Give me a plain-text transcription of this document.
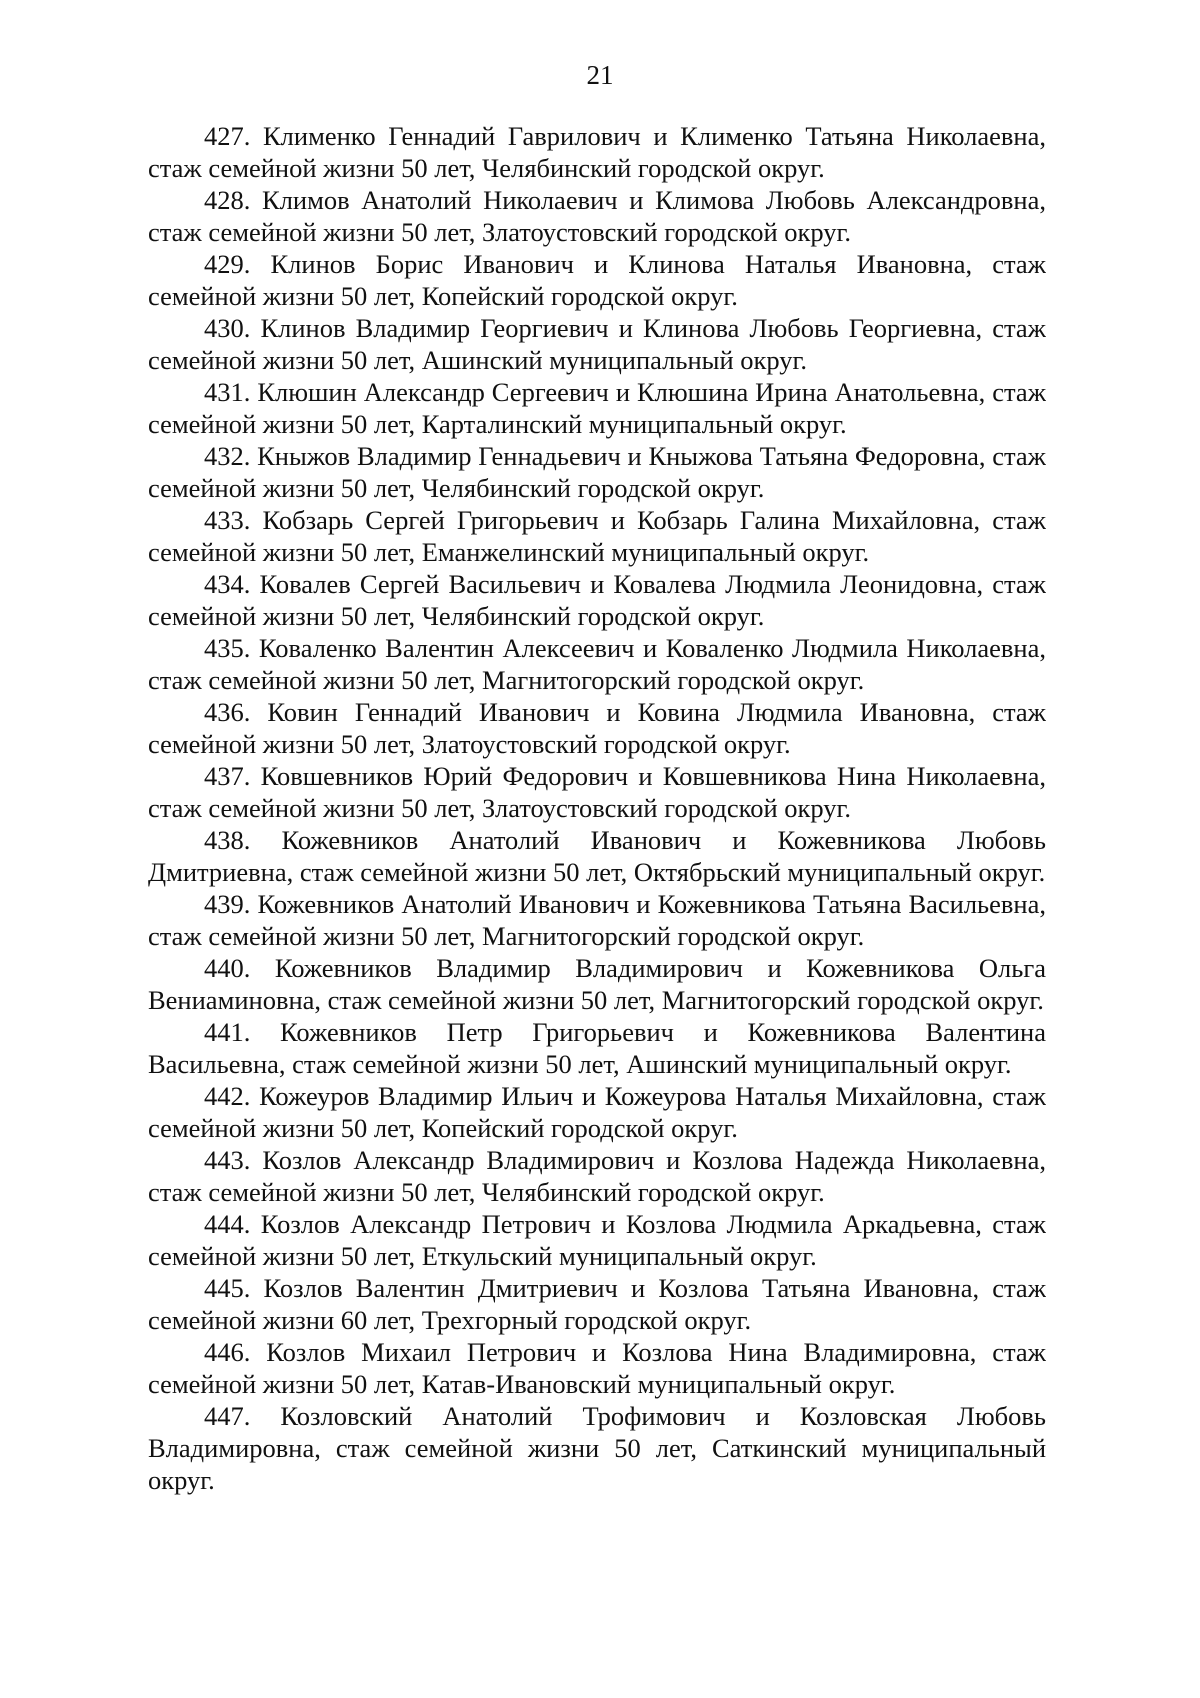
21

427. Клименко Геннадий Гаврилович и Клименко Татьяна Николаевна, стаж семейной жизни 50 лет, Челябинский городской округ.

428. Климов Анатолий Николаевич и Климова Любовь Александровна, стаж семейной жизни 50 лет, Златоустовский городской округ.

429. Клинов Борис Иванович и Клинова Наталья Ивановна, стаж семейной жизни 50 лет, Копейский городской округ.

430. Клинов Владимир Георгиевич и Клинова Любовь Георгиевна, стаж семейной жизни 50 лет, Ашинский муниципальный округ.

431. Клюшин Александр Сергеевич и Клюшина Ирина Анатольевна, стаж семейной жизни 50 лет, Карталинский муниципальный округ.

432. Кныжов Владимир Геннадьевич и Кныжова Татьяна Федоровна, стаж семейной жизни 50 лет, Челябинский городской округ.

433. Кобзарь Сергей Григорьевич и Кобзарь Галина Михайловна, стаж семейной жизни 50 лет, Еманжелинский муниципальный округ.

434. Ковалев Сергей Васильевич и Ковалева Людмила Леонидовна, стаж семейной жизни 50 лет, Челябинский городской округ.

435. Коваленко Валентин Алексеевич и Коваленко Людмила Николаевна, стаж семейной жизни 50 лет, Магнитогорский городской округ.

436. Ковин Геннадий Иванович и Ковина Людмила Ивановна, стаж семейной жизни 50 лет, Златоустовский городской округ.

437. Ковшевников Юрий Федорович и Ковшевникова Нина Николаевна, стаж семейной жизни 50 лет, Златоустовский городской округ.

438. Кожевников Анатолий Иванович и Кожевникова Любовь Дмитриевна, стаж семейной жизни 50 лет, Октябрьский муниципальный округ.

439. Кожевников Анатолий Иванович и Кожевникова Татьяна Васильевна, стаж семейной жизни 50 лет, Магнитогорский городской округ.

440. Кожевников Владимир Владимирович и Кожевникова Ольга Вениаминовна, стаж семейной жизни 50 лет, Магнитогорский городской округ.

441. Кожевников Петр Григорьевич и Кожевникова Валентина Васильевна, стаж семейной жизни 50 лет, Ашинский муниципальный округ.

442. Кожеуров Владимир Ильич и Кожеурова Наталья Михайловна, стаж семейной жизни 50 лет, Копейский городской округ.

443. Козлов Александр Владимирович и Козлова Надежда Николаевна, стаж семейной жизни 50 лет, Челябинский городской округ.

444. Козлов Александр Петрович и Козлова Людмила Аркадьевна, стаж семейной жизни 50 лет, Еткульский муниципальный округ.

445. Козлов Валентин Дмитриевич и Козлова Татьяна Ивановна, стаж семейной жизни 60 лет, Трехгорный городской округ.

446. Козлов Михаил Петрович и Козлова Нина Владимировна, стаж семейной жизни 50 лет, Катав-Ивановский муниципальный округ.

447. Козловский Анатолий Трофимович и Козловская Любовь Владимировна, стаж семейной жизни 50 лет, Саткинский муниципальный округ.
